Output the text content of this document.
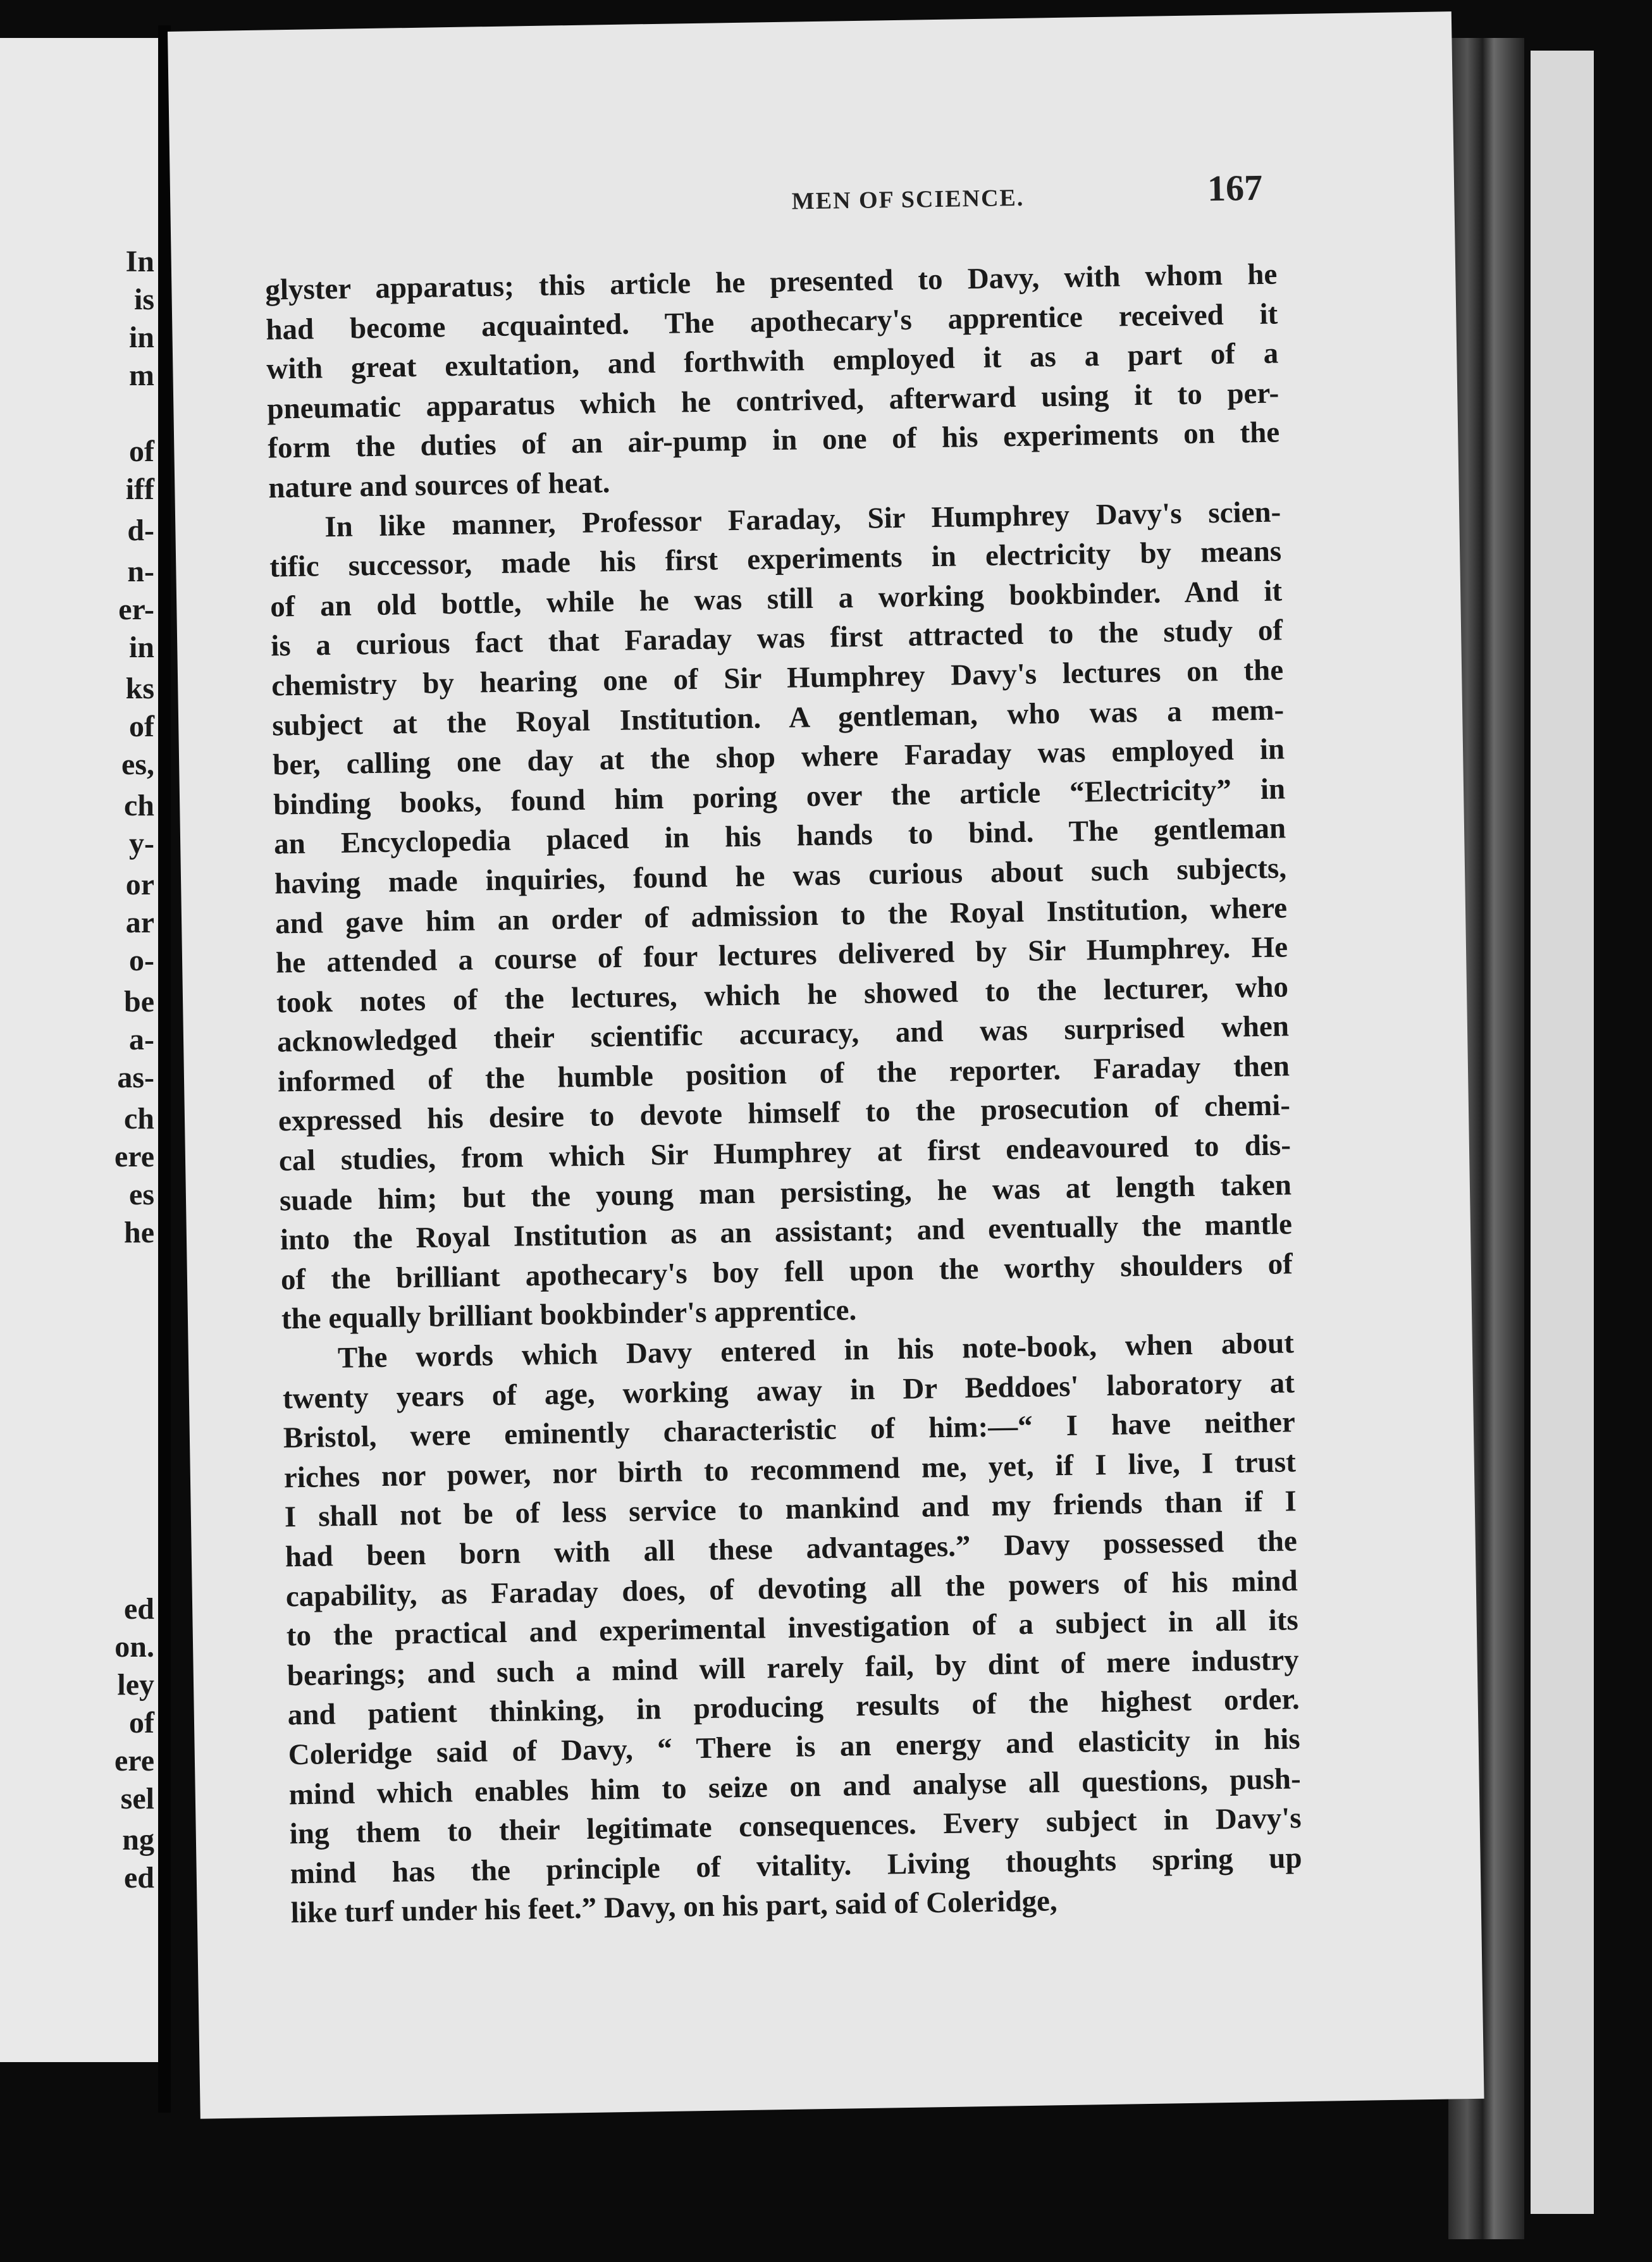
In
is
in
m
of
iff
d-
n-
er-
in
ks
of
es,
ch
y-
or
ar
o-
be
a-
as-
ch
ere
es
he
ed
on.
ley
of
ere
sel
ng
ed
MEN OF SCIENCE.	167
glyster apparatus; this article he presented to Davy, with whom he
had become acquainted. The apothecary's apprentice received it
with great exultation, and forthwith employed it as a part of a
pneumatic apparatus which he contrived, afterward using it to per-
form the duties of an air-pump in one of his experiments on the
nature and sources of heat.
In like manner, Professor Faraday, Sir Humphrey Davy's scien-
tific successor, made his first experiments in electricity by means
of an old bottle, while he was still a working bookbinder. And it
is a curious fact that Faraday was first attracted to the study of
chemistry by hearing one of Sir Humphrey Davy's lectures on the
subject at the Royal Institution. A gentleman, who was a mem-
ber, calling one day at the shop where Faraday was employed in
binding books, found him poring over the article “Electricity” in
an Encyclopedia placed in his hands to bind. The gentleman
having made inquiries, found he was curious about such subjects,
and gave him an order of admission to the Royal Institution, where
he attended a course of four lectures delivered by Sir Humphrey. He
took notes of the lectures, which he showed to the lecturer, who
acknowledged their scientific accuracy, and was surprised when
informed of the humble position of the reporter. Faraday then
expressed his desire to devote himself to the prosecution of chemi-
cal studies, from which Sir Humphrey at first endeavoured to dis-
suade him; but the young man persisting, he was at length taken
into the Royal Institution as an assistant; and eventually the mantle
of the brilliant apothecary's boy fell upon the worthy shoulders of
the equally brilliant bookbinder's apprentice.
The words which Davy entered in his note-book, when about
twenty years of age, working away in Dr Beddoes' laboratory at
Bristol, were eminently characteristic of him:—“ I have neither
riches nor power, nor birth to recommend me, yet, if I live, I trust
I shall not be of less service to mankind and my friends than if I
had been born with all these advantages.” Davy possessed the
capability, as Faraday does, of devoting all the powers of his mind
to the practical and experimental investigation of a subject in all its
bearings; and such a mind will rarely fail, by dint of mere industry
and patient thinking, in producing results of the highest order.
Coleridge said of Davy, “ There is an energy and elasticity in his
mind which enables him to seize on and analyse all questions, push-
ing them to their legitimate consequences. Every subject in Davy's
mind has the principle of vitality. Living thoughts spring up
like turf under his feet.” Davy, on his part, said of Coleridge,
